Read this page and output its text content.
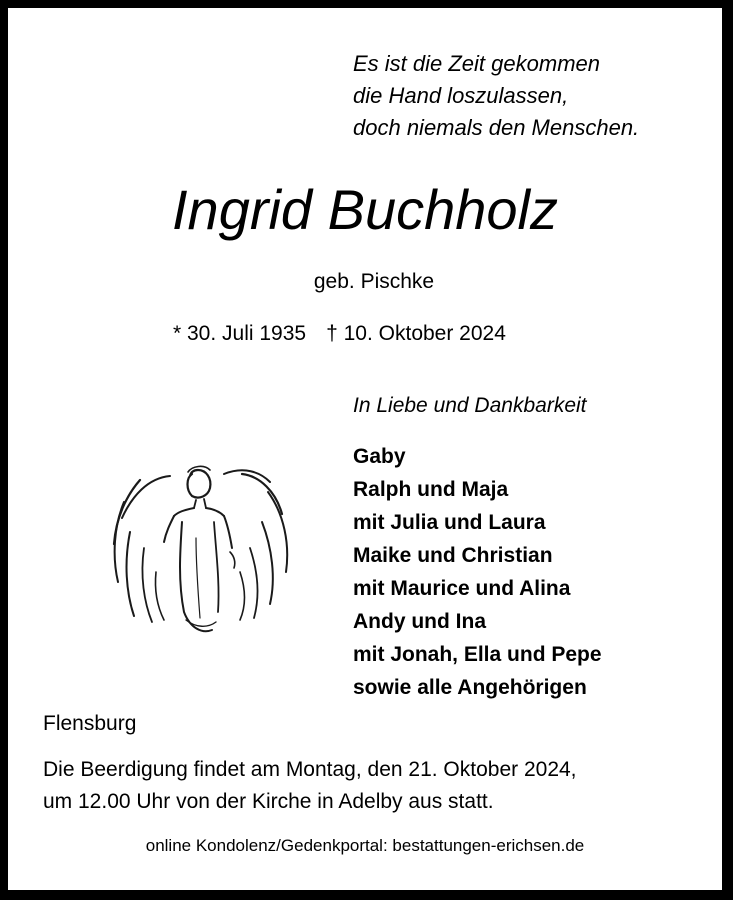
Es ist die Zeit gekommen
die Hand loszulassen,
doch niemals den Menschen.
Ingrid Buchholz
geb. Pischke
* 30. Juli 1935 † 10. Oktober 2024
In Liebe und Dankbarkeit
Gaby
Ralph und Maja
mit Julia und Laura
Maike und Christian
mit Maurice und Alina
Andy und Ina
mit Jonah, Ella und Pepe
sowie alle Angehörigen
Flensburg
Die Beerdigung findet am Montag, den 21. Oktober 2024,
um 12.00 Uhr von der Kirche in Adelby aus statt.
online Kondolenz/Gedenkportal: bestattungen-erichsen.de
